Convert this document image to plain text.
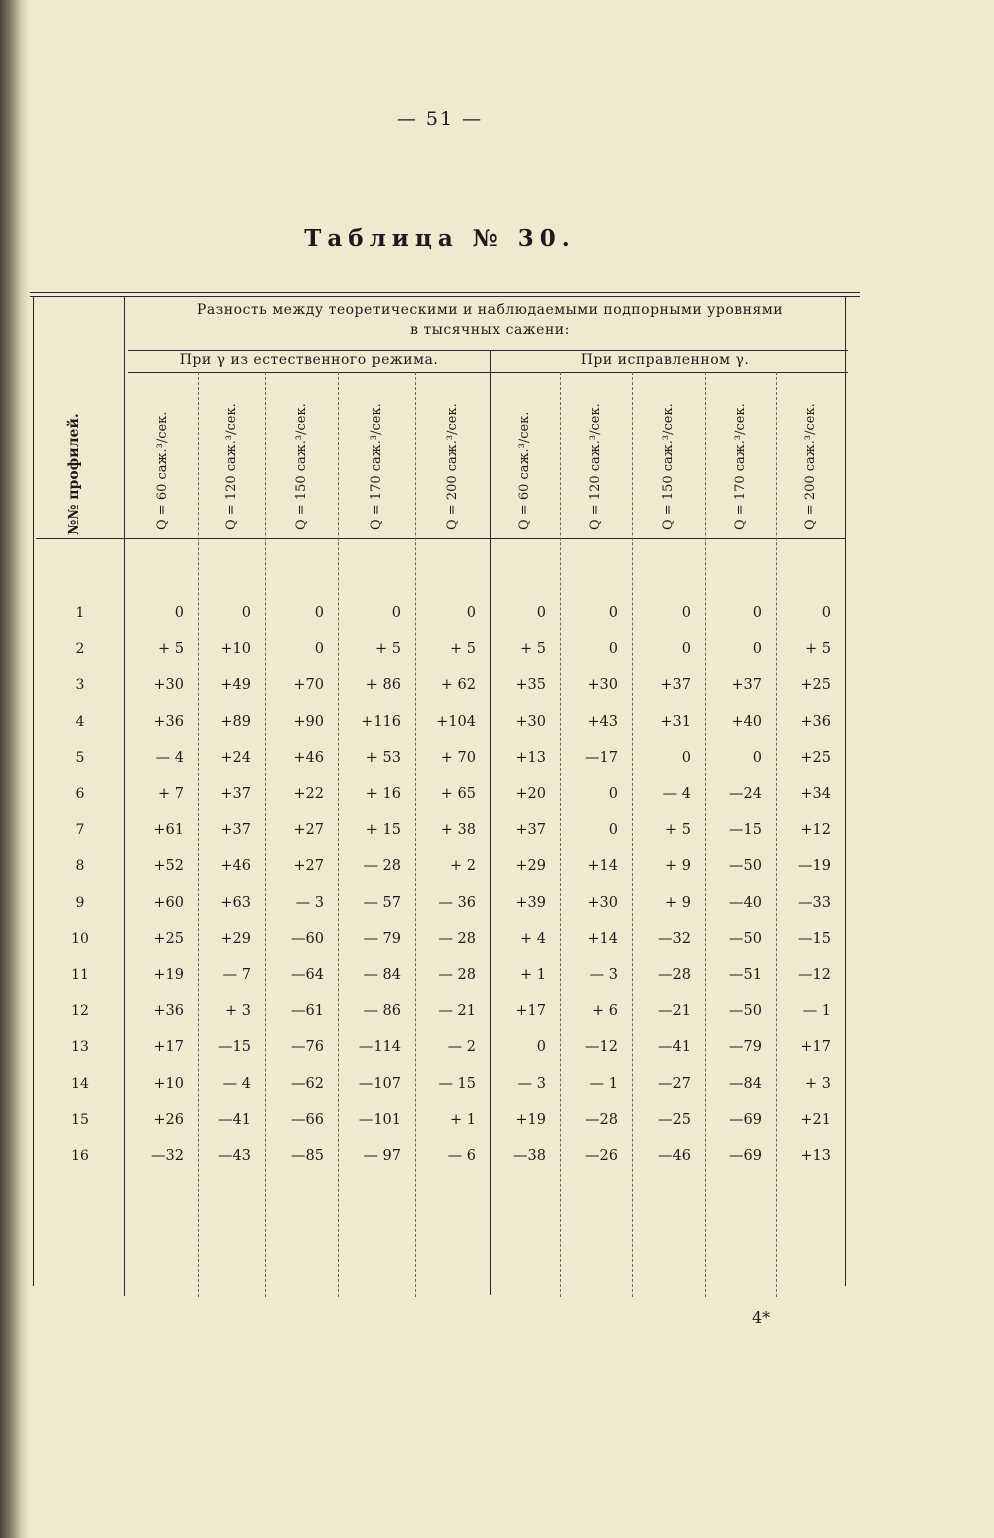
— 51 —
Таблица № 30.
Разность между теоретическими и наблюдаемыми подпорными уровнями
в тысячных сажени:
При γ из естественного режима.	При исправленном γ.
4*
№№ профилей.	Q = 60 саж.³/сек.	Q = 120 саж.³/сек.	Q = 150 саж.³/сек.	Q = 170 саж.³/сек.	Q = 200 саж.³/сек.	Q = 60 саж.³/сек.	Q = 120 саж.³/сек.	Q = 150 саж.³/сек.	Q = 170 саж.³/сек.	Q = 200 саж.³/сек.
1	0	0	0	0	0	0	0	0	0	0
2	+ 5	+10	0	+ 5	+ 5	+ 5	0	0	0	+ 5
3	+30	+49	+70	+ 86	+ 62	+35	+30	+37	+37	+25
4	+36	+89	+90	+116	+104	+30	+43	+31	+40	+36
5	— 4	+24	+46	+ 53	+ 70	+13	—17	0	0	+25
6	+ 7	+37	+22	+ 16	+ 65	+20	0	— 4	—24	+34
7	+61	+37	+27	+ 15	+ 38	+37	0	+ 5	—15	+12
8	+52	+46	+27	— 28	+ 2	+29	+14	+ 9	—50	—19
9	+60	+63	— 3	— 57	— 36	+39	+30	+ 9	—40	—33
10	+25	+29	—60	— 79	— 28	+ 4	+14	—32	—50	—15
11	+19	— 7	—64	— 84	— 28	+ 1	— 3	—28	—51	—12
12	+36	+ 3	—61	— 86	— 21	+17	+ 6	—21	—50	— 1
13	+17	—15	—76	—114	— 2	0	—12	—41	—79	+17
14	+10	— 4	—62	—107	— 15	— 3	— 1	—27	—84	+ 3
15	+26	—41	—66	—101	+ 1	+19	—28	—25	—69	+21
16	—32	—43	—85	— 97	— 6	—38	—26	—46	—69	+13
